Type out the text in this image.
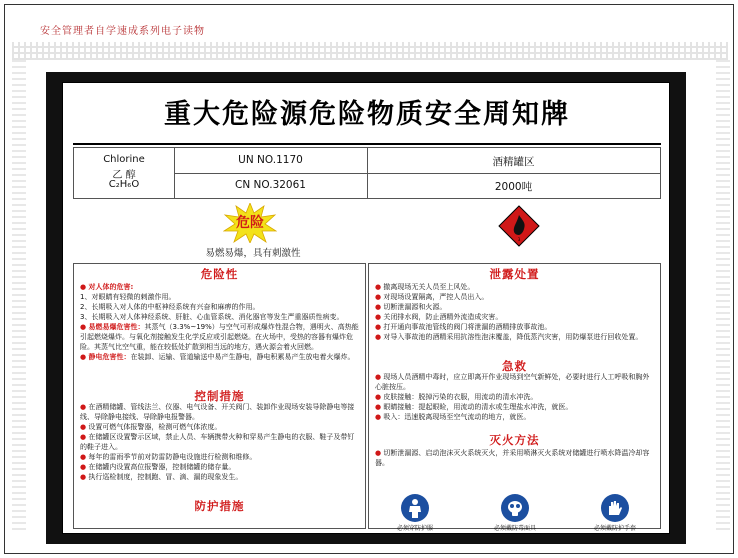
安全管理者自学速成系列电子读物
重大危险源危险物质安全周知牌
Chlorine
乙 醇
C₂H₆O
UN NO.1170
CN NO.32061
酒精罐区
2000吨
危险
易燃易爆，具有刺激性
3
危险性
● 对人体的危害:
1、对眼睛有轻微的刺激作用。
2、长期吸入对人体的中枢神经系统有兴奋和麻痹的作用。
3、长期吸入对人体神经系统、肝脏、心血管系统、消化器官等发生严重器质性病变。
● 易燃易爆危害性：其蒸气（3.3%~19%）与空气可形成爆炸性混合物，遇明火、高热能引起燃烧爆炸。与氧化剂接触发生化学反应或引起燃烧。在火场中，受热的容器有爆炸危险。其蒸气比空气重，能在较低处扩散到相当远的地方，遇火源会着火回燃。
● 静电危害性：在装卸、运输、管道输送中易产生静电，静电积累易产生放电着火爆炸。
控制措施
● 在酒精储罐、管线法兰、仪器、电气设备、开关阀门、装卸作业现场安装导除静电等接线、导除静电接线、导除静电报警器。
● 设置可燃气体报警器，检测可燃气体浓度。
● 在储罐区设置警示区域，禁止人员、车辆携带火种和穿易产生静电的衣服、鞋子及带钉的鞋子进入。
● 每年的雷雨季节前对防雷防静电设施进行检测和维修。
● 在储罐内设置高位报警器，控制储罐的储存量。
● 执行巡检制度，控制跑、冒、滴、漏的现象发生。
防护措施
泄露处置
● 撤离现场无关人员至上风处。
● 对现场设置隔离，严控人员出入。
● 切断泄漏源和火源。
● 关闭排水阀，防止酒精外流造成灾害。
● 打开通向事故池管线的阀门将泄漏的酒精排放事故池。
● 对导入事故池的酒精采用抗溶性泡沫覆盖，降低蒸汽灾害，用防爆泵进行回收处置。
急救
● 现场人员酒精中毒时，应立即离开作业现场到空气新鲜处，必要时进行人工呼吸和胸外心脏按压。
● 皮肤接触：脱掉污染的衣服，用流动的清水冲洗。
● 眼睛接触：提起眼睑，用流动的清水或生理盐水冲洗，就医。
● 吸入：迅速脱离现场至空气流动的地方，就医。
灭火方法
● 切断泄漏源、启动泡沫灭火系统灭火，并采用喷淋灭火系统对储罐进行喷水降温冷却容器。
必须穿防护服	必须戴防毒面具	必须戴防护手套
